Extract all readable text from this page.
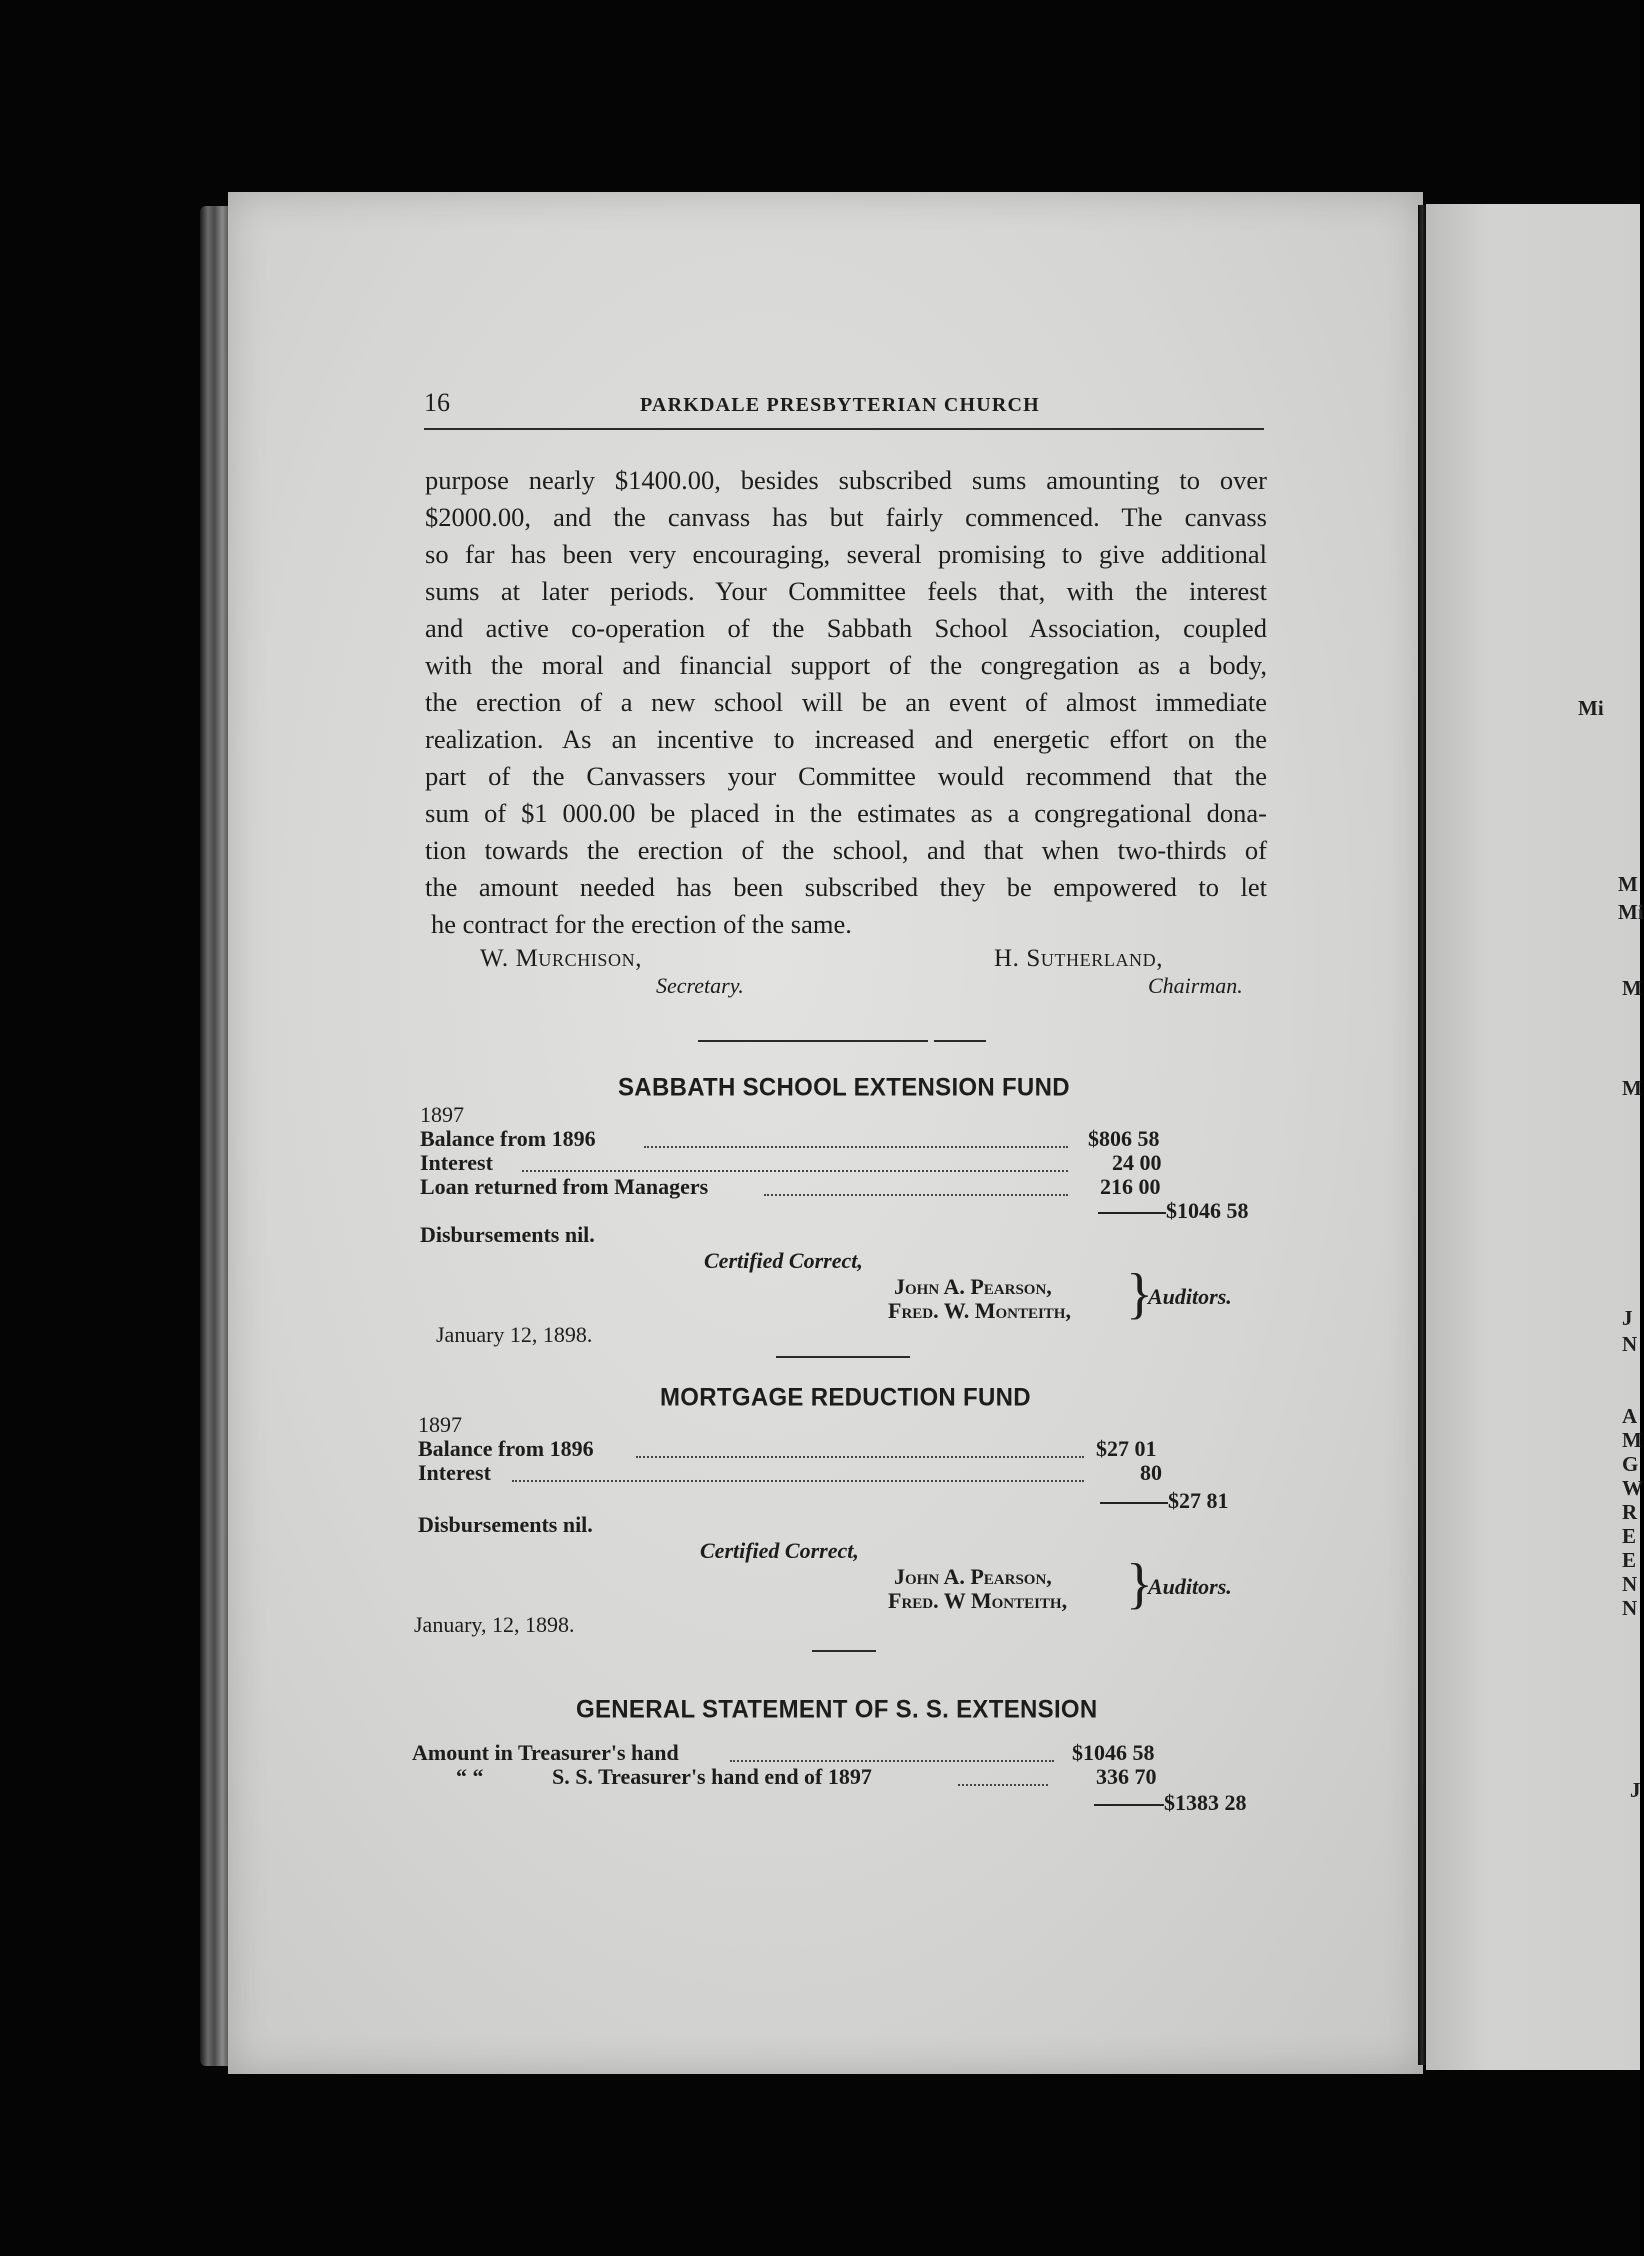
Mi
M
Mi
M
M
J
N
A
M
G
W
R
E
E
N
N
J
16	PARKDALE PRESBYTERIAN CHURCH
purpose nearly $1400.00, besides subscribed sums amounting to over
$2000.00, and the canvass has but fairly commenced. The canvass
so far has been very encouraging, several promising to give additional
sums at later periods. Your Committee feels that, with the interest
and active co-operation of the Sabbath School Association, coupled
with the moral and financial support of the congregation as a body,
the erection of a new school will be an event of almost immediate
realization. As an incentive to increased and energetic effort on the
part of the Canvassers your Committee would recommend that the
sum of $1 000.00 be placed in the estimates as a congregational dona-
tion towards the erection of the school, and that when two-thirds of
the amount needed has been subscribed they be empowered to let
he contract for the erection of the same.
W. Murchison,
Secretary.
H. Sutherland,
Chairman.
SABBATH SCHOOL EXTENSION FUND
1897
Balance from 1896	$806 58
Interest	24 00
Loan returned from Managers	216 00
$1046 58
Disbursements nil.
Certified Correct,
John A. Pearson,
Fred. W. Monteith, }
Auditors.
January 12, 1898.
MORTGAGE REDUCTION FUND
1897
Balance from 1896	$27 01
Interest	80
$27 81
Disbursements nil.
Certified Correct,
John A. Pearson,
Fred. W Monteith, }
Auditors.
January, 12, 1898.
GENERAL STATEMENT OF S. S. EXTENSION
Amount in Treasurer's hand	$1046 58
“ “	S. S. Treasurer's hand end of 1897	336 70
$1383 28
